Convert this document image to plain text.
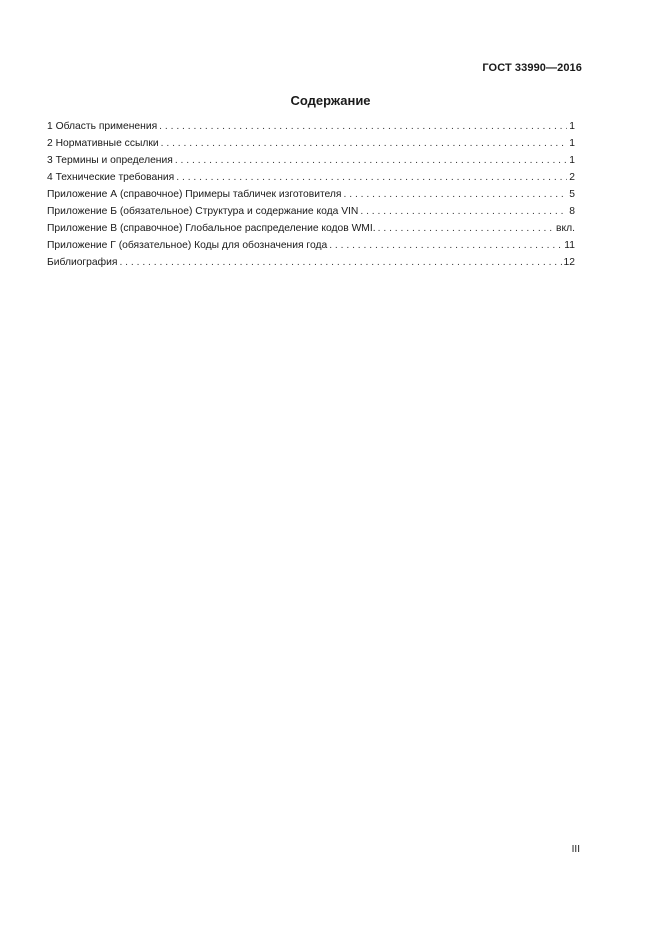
ГОСТ 33990—2016
Содержание
1 Область применения . . .	1
2 Нормативные ссылки . . .	1
3 Термины и определения . . .	1
4 Технические требования . . .	2
Приложение А (справочное) Примеры табличек изготовителя . . .	5
Приложение Б (обязательное) Структура и содержание кода VIN . . .	8
Приложение В (справочное) Глобальное распределение кодов WMI. . . .	вкл.
Приложение Г (обязательное) Коды для обозначения года . . .	11
Библиография . . .	12
III
